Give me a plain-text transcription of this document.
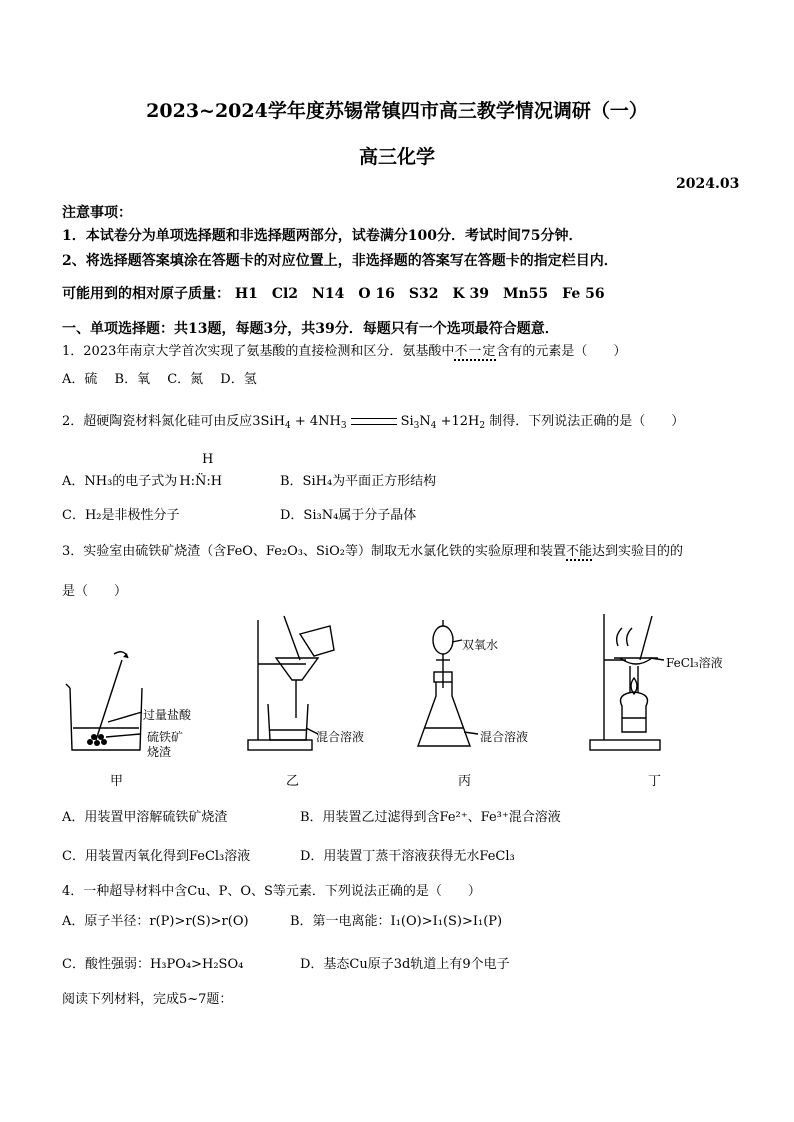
2023~2024学年度苏锡常镇四市高三教学情况调研（一）
高三化学
2024.03
注意事项：
1．本试卷分为单项选择题和非选择题两部分，试卷满分100分．考试时间75分钟．
2、将选择题答案填涂在答题卡的对应位置上，非选择题的答案写在答题卡的指定栏目内．
可能用到的相对原子质量： H1　Cl2　N14　O 16　S32　K 39　Mn55　Fe 56
一、单项选择题：共13题，每题3分，共39分．每题只有一个选项最符合题意．
1．2023年南京大学首次实现了氨基酸的直接检测和区分．氨基酸中不一定含有的元素是（　　）
A．硫　 B．氧　 C．氮　 D．氢
2．超硬陶瓷材料氮化硅可由反应$3SiH_4 + 4NH_3$	$Si_3N_4 +12H_2$ 制得．下列说法正确的是（　　）
H
A．NH₃的电子式为 H:N̈:H	B．SiH₄为平面正方形结构
C．H₂是非极性分子	D．Si₃N₄属于分子晶体
3．实验室由硫铁矿烧渣（含FeO、Fe₂O₃、SiO₂等）制取无水氯化铁的实验原理和装置不能达到实验目的的
是（　　）
过量盐酸
硫铁矿
烧渣
混合溶液
双氧水
混合溶液
FeCl₃溶液
甲	乙	丙	丁
A．用装置甲溶解硫铁矿烧渣	B．用装置乙过滤得到含Fe²⁺、Fe³⁺混合溶液
C．用装置丙氧化得到FeCl₃溶液	D．用装置丁蒸干溶液获得无水FeCl₃
4．一种超导材料中含Cu、P、O、S等元素．下列说法正确的是（　　）
A．原子半径：r(P)>r(S)>r(O)	B．第一电离能：I₁(O)>I₁(S)>I₁(P)
C．酸性强弱：H₃PO₄>H₂SO₄	D．基态Cu原子3d轨道上有9个电子
阅读下列材料，完成5~7题：
